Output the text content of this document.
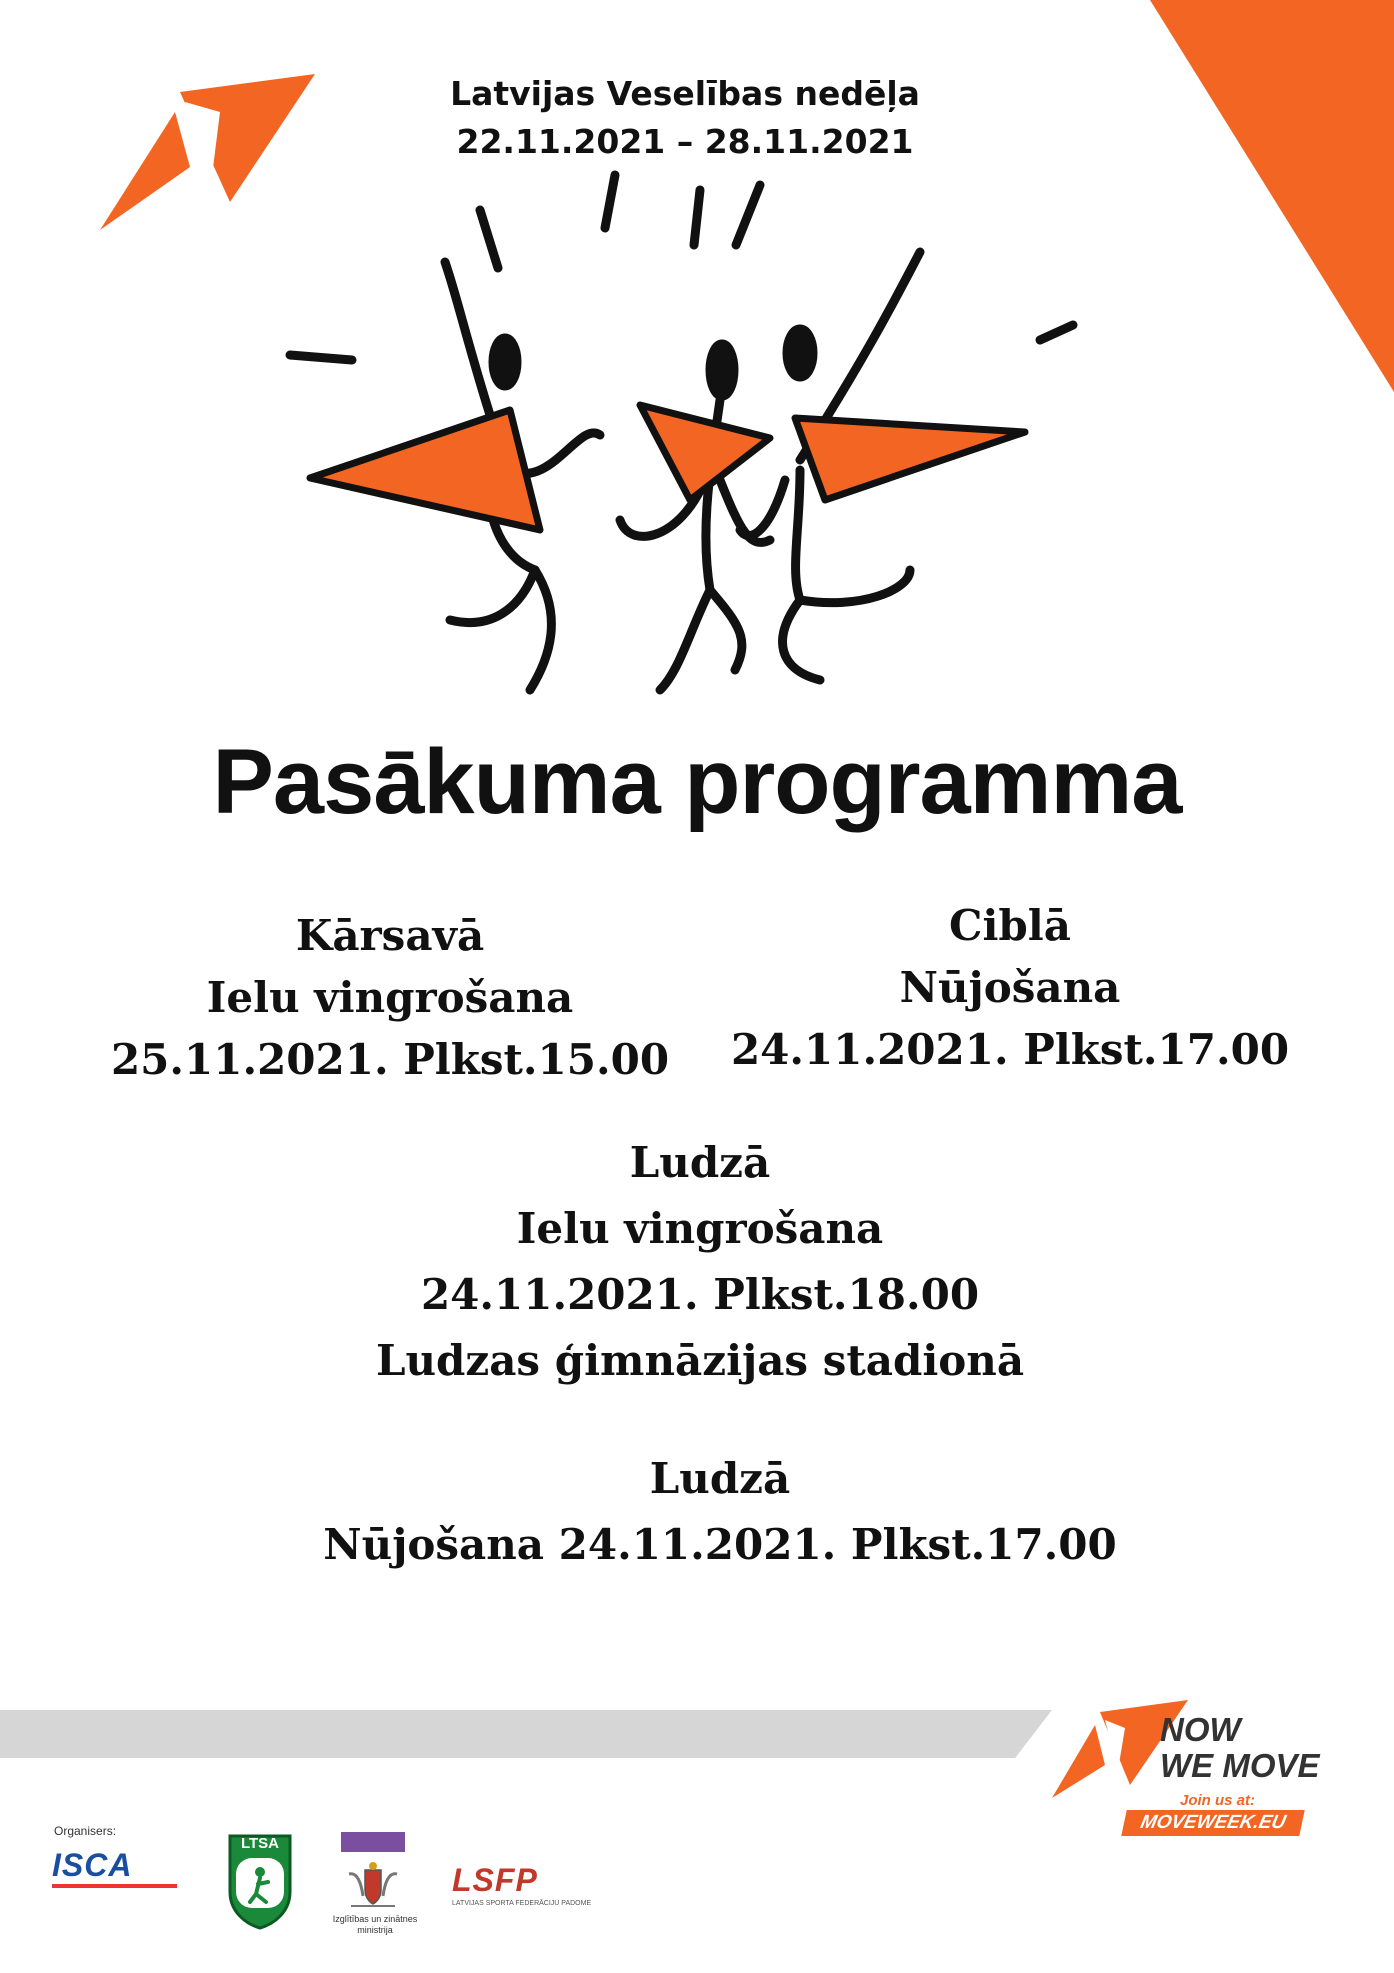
Latvijas Veselības nedēļa
22.11.2021 – 28.11.2021
Pasākuma programma
Kārsavā
Ielu vingrošana
25.11.2021. Plkst.15.00
Ciblā
Nūjošana
24.11.2021. Plkst.17.00
Ludzā
Ielu vingrošana
24.11.2021. Plkst.18.00
Ludzas ģimnāzijas stadionā
Ludzā
Nūjošana 24.11.2021. Plkst.17.00
NOW
WE MOVE
Join us at:
MOVEWEEK.EU
Organisers:
ISCA
LTSA
Izglītības un zinātnes
ministrija
LSFP
LATVIJAS SPORTA FEDERĀCIJU PADOME
